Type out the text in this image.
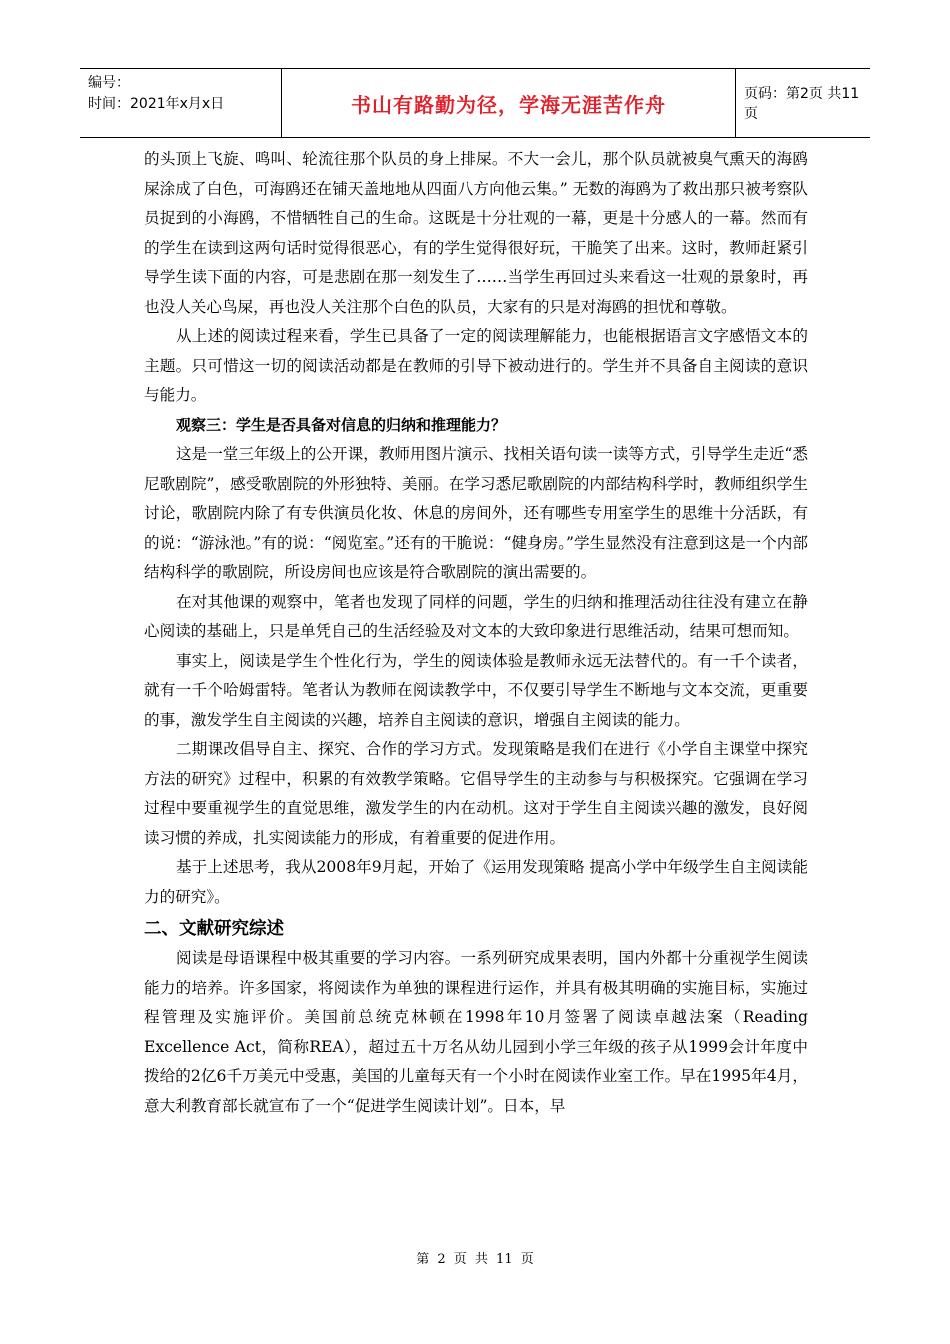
编号：
时间：2021年x月x日	书山有路勤为径，学海无涯苦作舟	页码：第2页 共11页

的头顶上飞旋、鸣叫、轮流往那个队员的身上排屎。不大一会儿，那个队员就被臭气熏天的海鸥屎涂成了白色，可海鸥还在铺天盖地地从四面八方向他云集。” 无数的海鸥为了救出那只被考察队员捉到的小海鸥，不惜牺牲自己的生命。这既是十分壮观的一幕，更是十分感人的一幕。然而有的学生在读到这两句话时觉得很恶心，有的学生觉得很好玩，干脆笑了出来。这时，教师赶紧引导学生读下面的内容，可是悲剧在那一刻发生了……当学生再回过头来看这一壮观的景象时，再也没人关心鸟屎，再也没人关注那个白色的队员，大家有的只是对海鸥的担忧和尊敬。

从上述的阅读过程来看，学生已具备了一定的阅读理解能力，也能根据语言文字感悟文本的主题。只可惜这一切的阅读活动都是在教师的引导下被动进行的。学生并不具备自主阅读的意识与能力。

观察三：学生是否具备对信息的归纳和推理能力？

这是一堂三年级上的公开课，教师用图片演示、找相关语句读一读等方式，引导学生走近“悉尼歌剧院”，感受歌剧院的外形独特、美丽。在学习悉尼歌剧院的内部结构科学时，教师组织学生讨论，歌剧院内除了有专供演员化妆、休息的房间外，还有哪些专用室学生的思维十分活跃，有的说：“游泳池。”有的说：“阅览室。”还有的干脆说：“健身房。”学生显然没有注意到这是一个内部结构科学的歌剧院，所设房间也应该是符合歌剧院的演出需要的。

在对其他课的观察中，笔者也发现了同样的问题，学生的归纳和推理活动往往没有建立在静心阅读的基础上，只是单凭自己的生活经验及对文本的大致印象进行思维活动，结果可想而知。

事实上，阅读是学生个性化行为，学生的阅读体验是教师永远无法替代的。有一千个读者，就有一千个哈姆雷特。笔者认为教师在阅读教学中，不仅要引导学生不断地与文本交流，更重要的事，激发学生自主阅读的兴趣，培养自主阅读的意识，增强自主阅读的能力。

二期课改倡导自主、探究、合作的学习方式。发现策略是我们在进行《小学自主课堂中探究方法的研究》过程中，积累的有效教学策略。它倡导学生的主动参与与积极探究。它强调在学习过程中要重视学生的直觉思维，激发学生的内在动机。这对于学生自主阅读兴趣的激发，良好阅读习惯的养成，扎实阅读能力的形成，有着重要的促进作用。

基于上述思考，我从2008年9月起，开始了《运用发现策略 提高小学中年级学生自主阅读能力的研究》。

二、文献研究综述

阅读是母语课程中极其重要的学习内容。一系列研究成果表明，国内外都十分重视学生阅读能力的培养。许多国家，将阅读作为单独的课程进行运作，并具有极其明确的实施目标，实施过程管理及实施评价。美国前总统克林顿在1998年10月签署了阅读卓越法案（Reading Excellence Act，简称REA），超过五十万名从幼儿园到小学三年级的孩子从1999会计年度中拨给的2亿6千万美元中受惠，美国的儿童每天有一个小时在阅读作业室工作。早在1995年4月，意大利教育部长就宣布了一个“促进学生阅读计划”。日本，早

第 2 页 共 11 页
